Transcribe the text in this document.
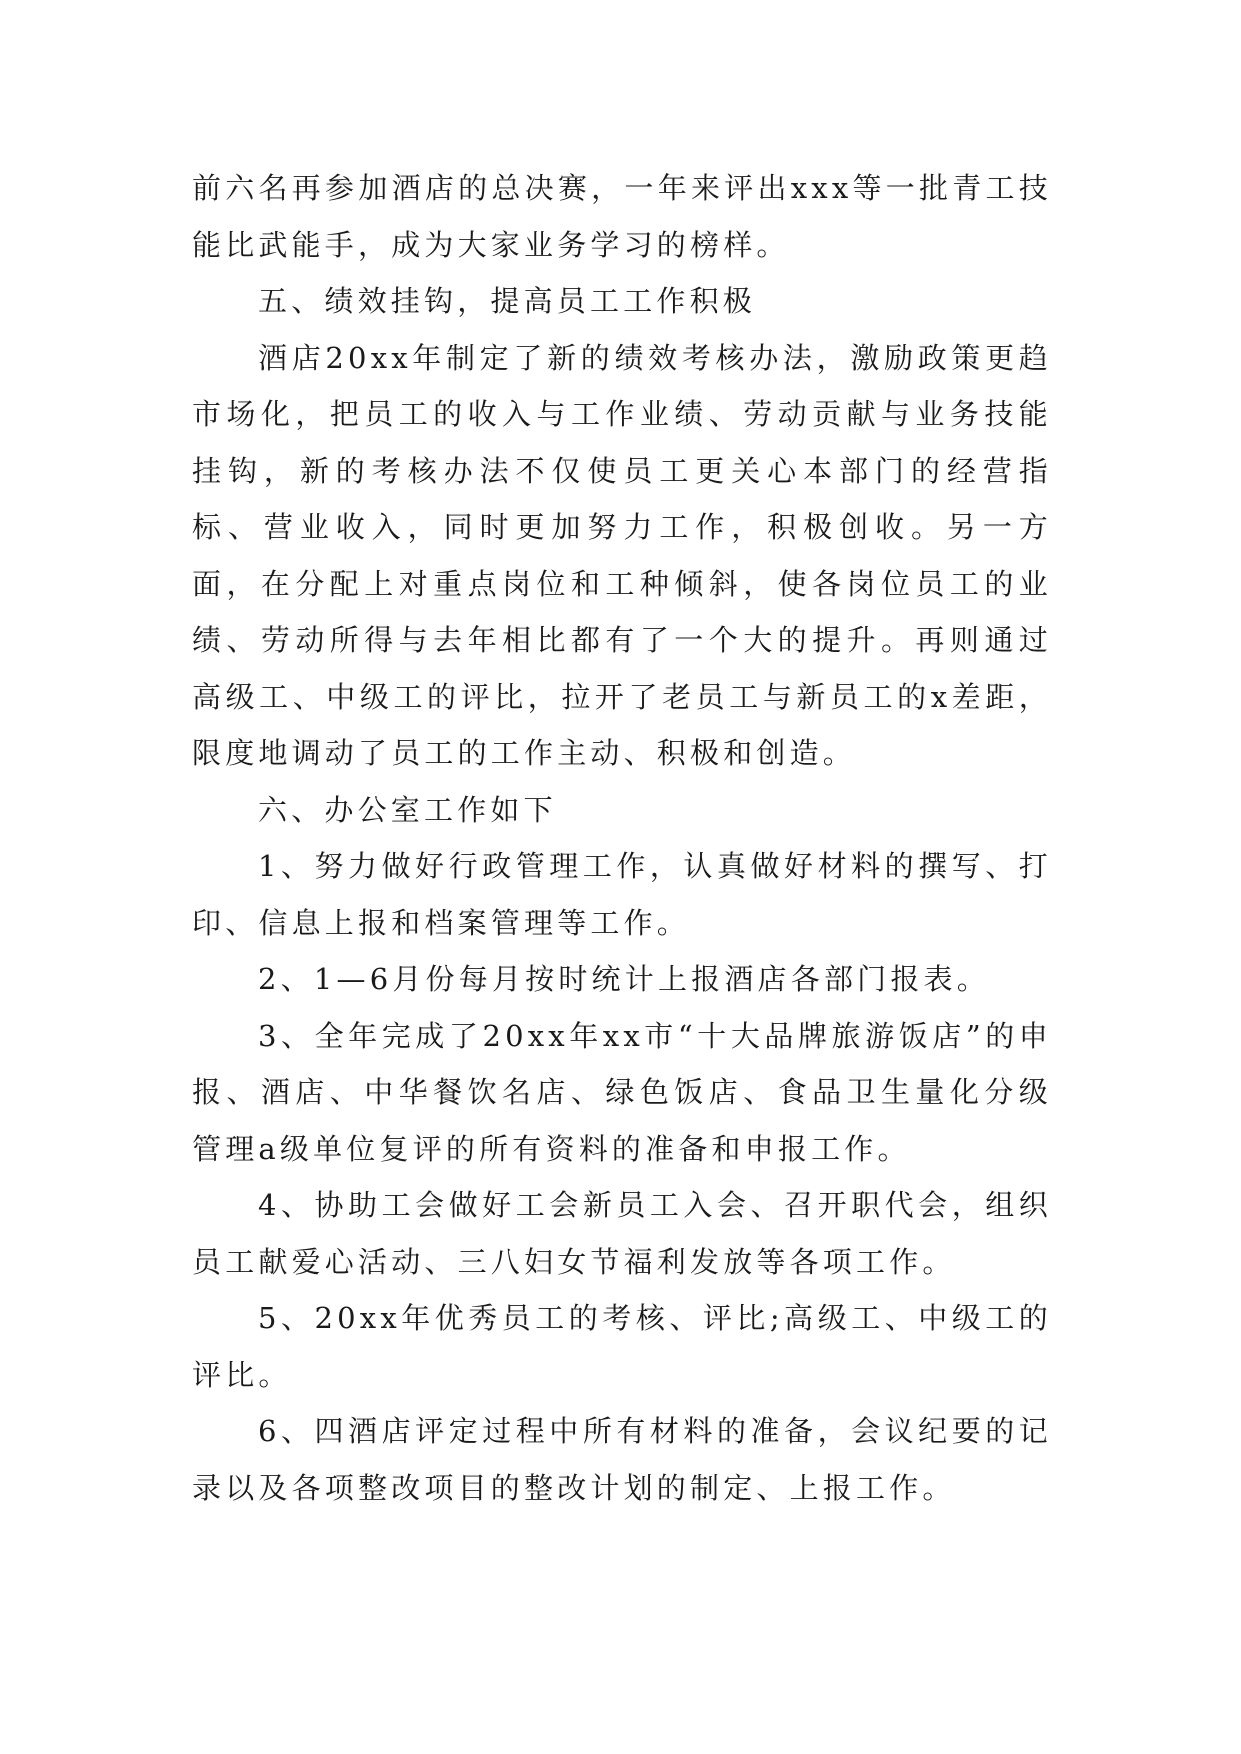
前六名再参加酒店的总决赛，一年来评出xxx等一批青工技能比武能手，成为大家业务学习的榜样。

五、绩效挂钩，提高员工工作积极

酒店20xx年制定了新的绩效考核办法，激励政策更趋市场化，把员工的收入与工作业绩、劳动贡献与业务技能挂钩，新的考核办法不仅使员工更关心本部门的经营指标、营业收入，同时更加努力工作，积极创收。另一方面，在分配上对重点岗位和工种倾斜，使各岗位员工的业绩、劳动所得与去年相比都有了一个大的提升。再则通过高级工、中级工的评比，拉开了老员工与新员工的x差距，限度地调动了员工的工作主动、积极和创造。

六、办公室工作如下

1、努力做好行政管理工作，认真做好材料的撰写、打印、信息上报和档案管理等工作。

2、1—6月份每月按时统计上报酒店各部门报表。

3、全年完成了20xx年xx市“十大品牌旅游饭店”的申报、酒店、中华餐饮名店、绿色饭店、食品卫生量化分级管理a级单位复评的所有资料的准备和申报工作。

4、协助工会做好工会新员工入会、召开职代会，组织员工献爱心活动、三八妇女节福利发放等各项工作。

5、20xx年优秀员工的考核、评比;高级工、中级工的评比。

6、四酒店评定过程中所有材料的准备，会议纪要的记录以及各项整改项目的整改计划的制定、上报工作。
